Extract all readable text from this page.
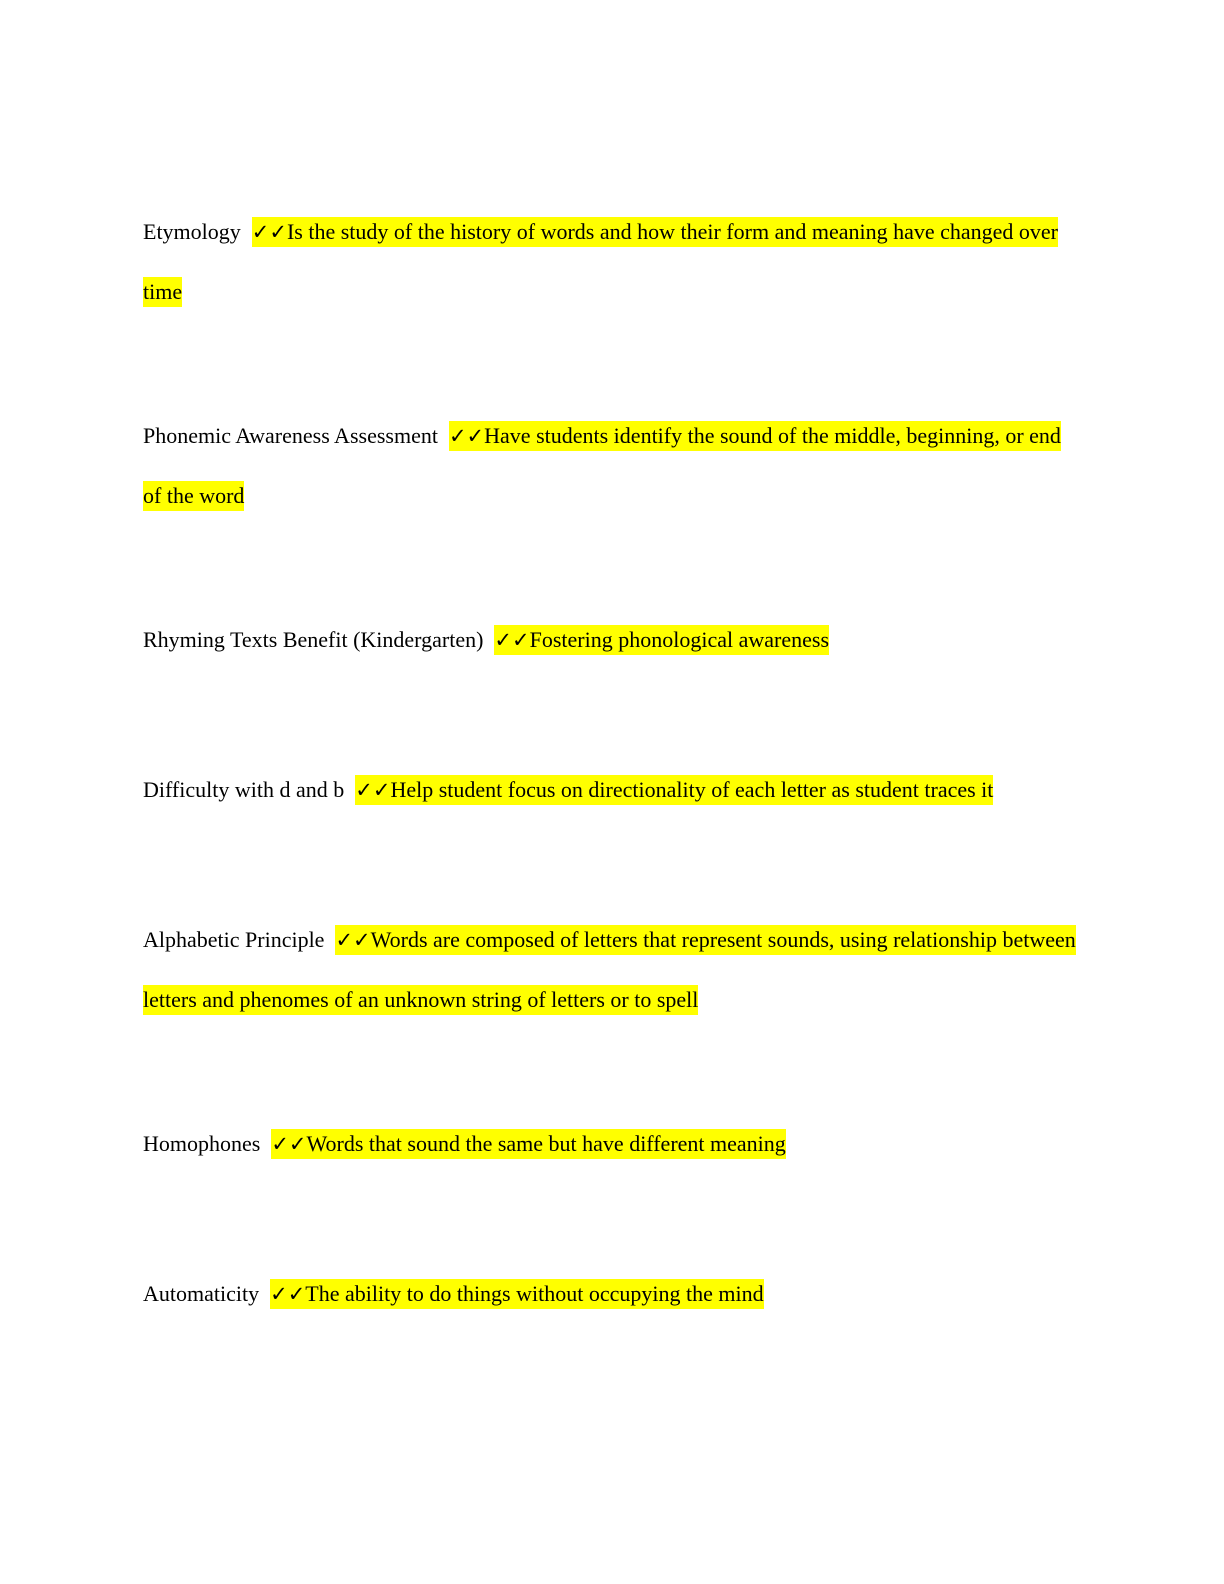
Etymology  ✓✓Is the study of the history of words and how their form and meaning have changed over time
Phonemic Awareness Assessment  ✓✓Have students identify the sound of the middle, beginning, or end of the word
Rhyming Texts Benefit (Kindergarten)  ✓✓Fostering phonological awareness
Difficulty with d and b  ✓✓Help student focus on directionality of each letter as student traces it
Alphabetic Principle  ✓✓Words are composed of letters that represent sounds, using relationship between letters and phenomes of an unknown string of letters or to spell
Homophones  ✓✓Words that sound the same but have different meaning
Automaticity  ✓✓The ability to do things without occupying the mind
